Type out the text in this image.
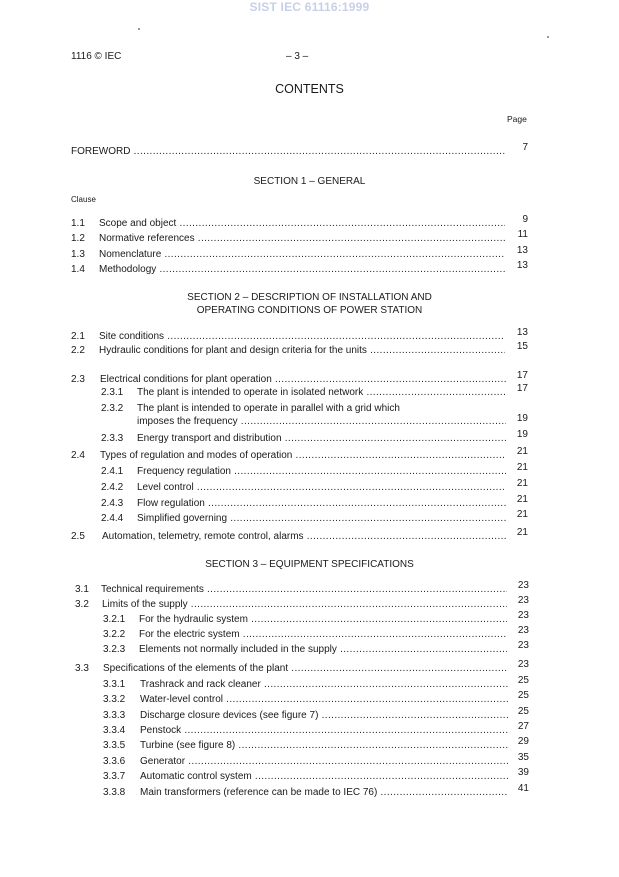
SIST IEC 61116:1999
1116 © IEC	– 3 –
CONTENTS
Page
FOREWORD .....	7
SECTION 1 – GENERAL
Clause
1.1 Scope and object .....	9
1.2 Normative references .....	11
1.3 Nomenclature .....	13
1.4 Methodology .....	13
2.1 Site conditions .....	13
2.2 Hydraulic conditions for plant and design criteria for the units .....	15
2.3 Electrical conditions for plant operation .....	17
2.3.1 The plant is intended to operate in isolated network .....	17
2.3.2 The plant is intended to operate in parallel with a grid which
imposes the frequency .....	19
2.3.3 Energy transport and distribution .....	19
2.4 Types of regulation and modes of operation .....	21
2.4.1 Frequency regulation .....	21
2.4.2 Level control .....	21
2.4.3 Flow regulation .....	21
2.4.4 Simplified governing .....	21
2.5 Automation, telemetry, remote control, alarms .....	21
3.1 Technical requirements .....	23
3.2 Limits of the supply .....	23
3.2.1 For the hydraulic system .....	23
3.2.2 For the electric system .....	23
3.2.3 Elements not normally included in the supply .....	23
3.3 Specifications of the elements of the plant .....	23
3.3.1 Trashrack and rack cleaner .....	25
3.3.2 Water-level control .....	25
3.3.3 Discharge closure devices (see figure 7) .....	25
3.3.4 Penstock .....	27
3.3.5 Turbine (see figure 8) .....	29
3.3.6 Generator .....	35
3.3.7 Automatic control system .....	39
3.3.8 Main transformers (reference can be made to IEC 76) .....	41
SECTION 2 – DESCRIPTION OF INSTALLATION AND
OPERATING CONDITIONS OF POWER STATION
SECTION 3 – EQUIPMENT SPECIFICATIONS
